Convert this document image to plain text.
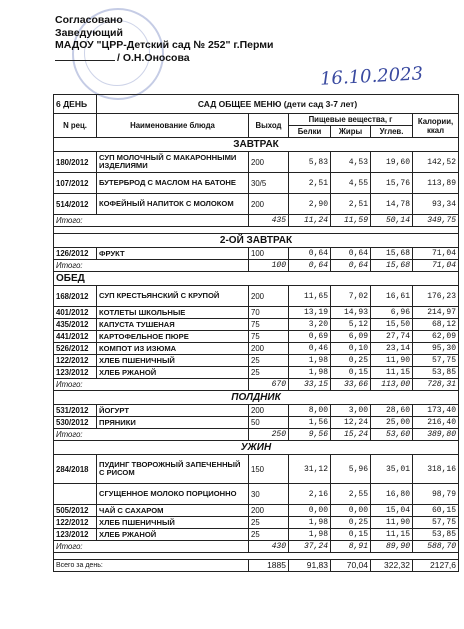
Согласовано
Заведующий
МАДОУ "ЦРР-Детский сад № 252" г.Перми
/ О.Н.Оносова
16.10.2023
6 ДЕНЬ	САД ОБЩЕЕ МЕНЮ (дети сад 3-7 лет)					
N рец.	Наименование блюда	Выход	Пищевые вещества, г			Калории, ккал
			Белки	Жиры	Углев.	
ЗАВТРАК						
180/2012	СУП МОЛОЧНЫЙ С МАКАРОННЫМИ ИЗДЕЛИЯМИ	200	5,83	4,53	19,60	142,52
107/2012	БУТЕРБРОД С МАСЛОМ НА БАТОНЕ	30/5	2,51	4,55	15,76	113,89
514/2012	КОФЕЙНЫЙ НАПИТОК С МОЛОКОМ	200	2,90	2,51	14,78	93,34
Итого:		435	11,24	11,59	50,14	349,75

2-ОЙ ЗАВТРАК						
126/2012	ФРУКТ	100	0,64	0,64	15,68	71,04
Итого:		100	0,64	0,64	15,68	71,04
ОБЕД						
168/2012	СУП КРЕСТЬЯНСКИЙ С КРУПОЙ	200	11,65	7,02	16,61	176,23
401/2012	КОТЛЕТЫ ШКОЛЬНЫЕ	70	13,19	14,93	6,96	214,97
435/2012	КАПУСТА ТУШЕНАЯ	75	3,20	5,12	15,50	68,12
441/2012	КАРТОФЕЛЬНОЕ ПЮРЕ	75	0,69	6,09	27,74	62,09
526/2012	КОМПОТ ИЗ ИЗЮМА	200	0,46	0,10	23,14	95,30
122/2012	ХЛЕБ ПШЕНИЧНЫЙ	25	1,98	0,25	11,90	57,75
123/2012	ХЛЕБ РЖАНОЙ	25	1,98	0,15	11,15	53,85
Итого:		670	33,15	33,66	113,00	728,31
ПОЛДНИК						
531/2012	ЙОГУРТ	200	8,00	3,00	28,60	173,40
530/2012	ПРЯНИКИ	50	1,56	12,24	25,00	216,40
Итого:		250	9,56	15,24	53,60	389,80
УЖИН						
284/2018	ПУДИНГ ТВОРОЖНЫЙ ЗАПЕЧЕННЫЙ С РИСОМ	150	31,12	5,96	35,01	318,16
	СГУЩЕННОЕ МОЛОКО ПОРЦИОННО	30	2,16	2,55	16,80	98,79
505/2012	ЧАЙ С САХАРОМ	200	0,00	0,00	15,04	60,15
122/2012	ХЛЕБ ПШЕНИЧНЫЙ	25	1,98	0,25	11,90	57,75
123/2012	ХЛЕБ РЖАНОЙ	25	1,98	0,15	11,15	53,85
Итого:		430	37,24	8,91	89,90	588,70

Всего за день:		1885	91,83	70,04	322,32	2127,6
